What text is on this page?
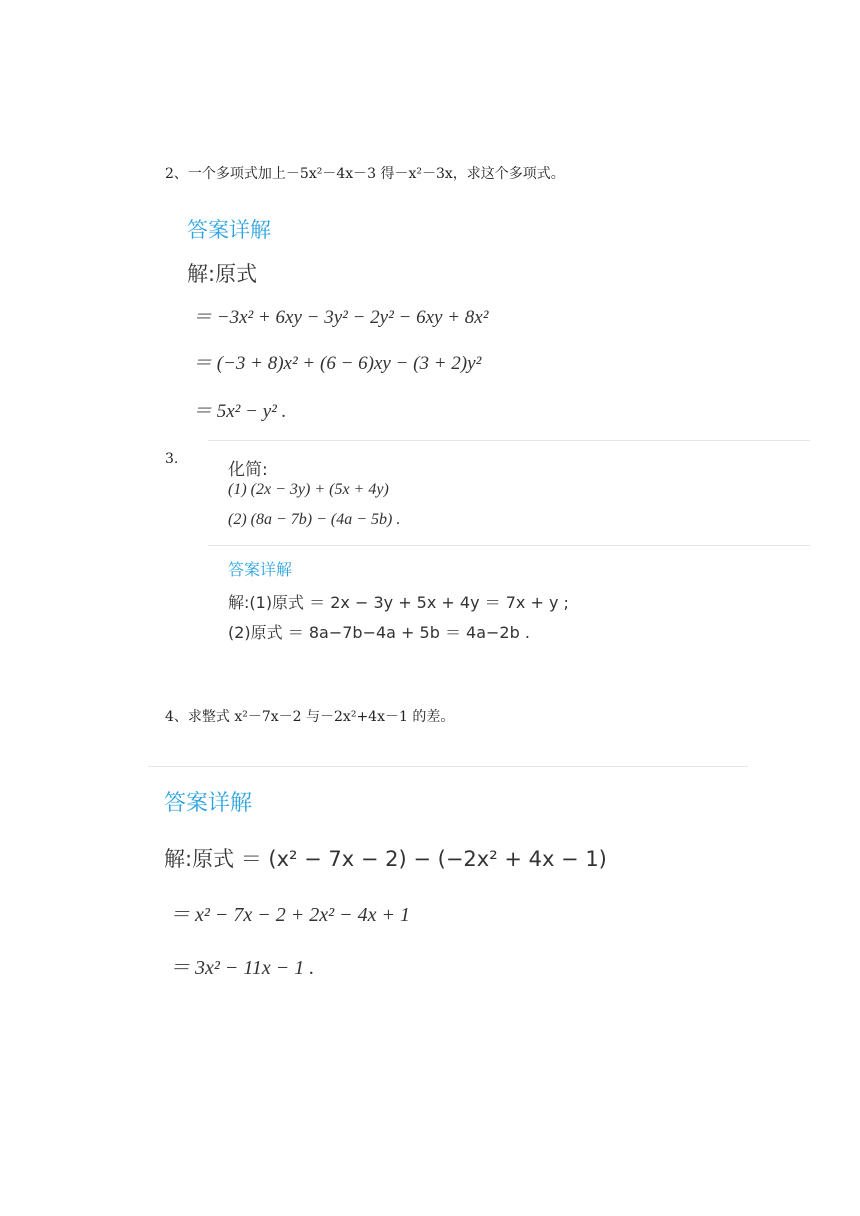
2、一个多项式加上－5x²－4x－3 得－x²－3x，求这个多项式。
答案详解
解:原式
＝ −3x² + 6xy − 3y² − 2y² − 6xy + 8x²
＝ (−3 + 8)x² + (6 − 6)xy − (3 + 2)y²
＝ 5x² − y² .
3.
化简:
(1) (2x − 3y) + (5x + 4y)
(2) (8a − 7b) − (4a − 5b) .
答案详解
解:(1)原式 ＝ 2x − 3y + 5x + 4y ＝ 7x + y ;
(2)原式 ＝ 8a−7b−4a + 5b ＝ 4a−2b .
4、求整式 x²－7x－2 与－2x²+4x－1 的差。
答案详解
解:原式 ＝ (x² − 7x − 2) − (−2x² + 4x − 1)
＝ x² − 7x − 2 + 2x² − 4x + 1
＝ 3x² − 11x − 1 .
